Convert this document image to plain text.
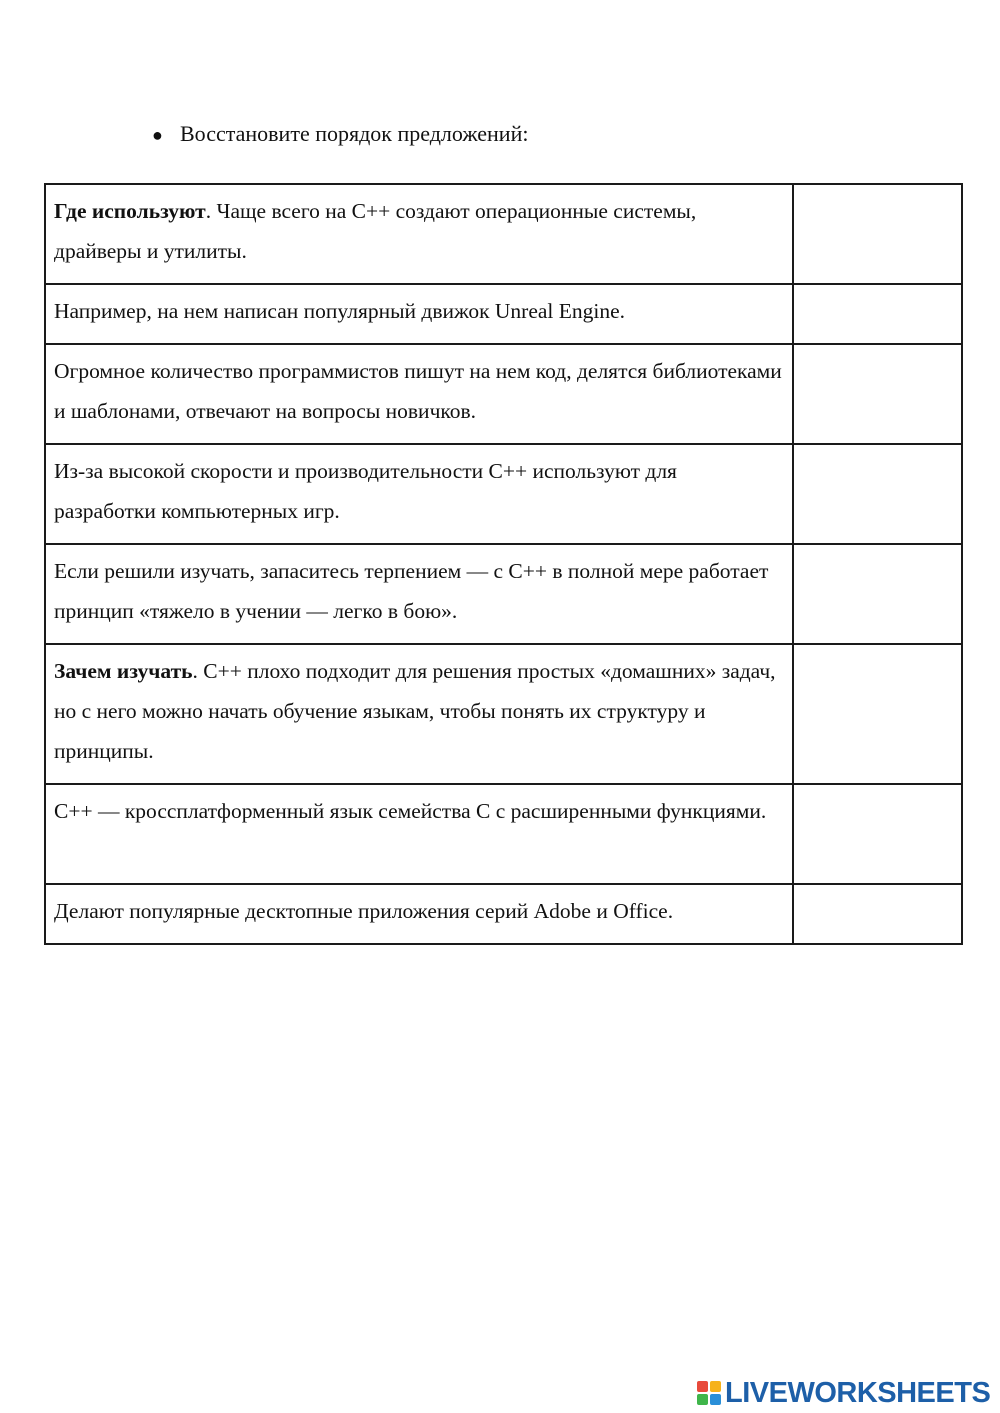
● Восстановите порядок предложений:
Где используют. Чаще всего на С++ создают операционные системы, драйверы и утилиты.	
Например, на нем написан популярный движок Unreal Engine.	
Огромное количество программистов пишут на нем код, делятся библиотеками и шаблонами, отвечают на вопросы новичков.	
Из-за высокой скорости и производительности С++ используют для разработки компьютерных игр.	
Если решили изучать, запаситесь терпением — с С++ в полной мере работает принцип «тяжело в учении — легко в бою».	
Зачем изучать. С++ плохо подходит для решения простых «домашних» задач, но с него можно начать обучение языкам, чтобы понять их структуру и принципы.	
С++ — кроссплатформенный язык семейства С с расширенными функциями.	
Делают популярные десктопные приложения серий Adobe и Office.	
LIVEWORKSHEETS
